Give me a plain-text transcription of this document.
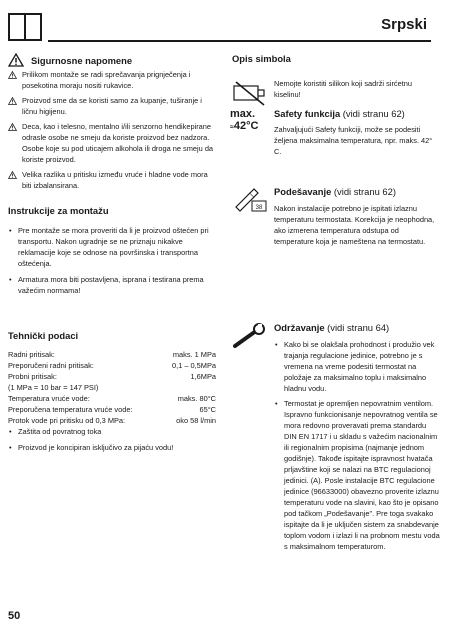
Srpski
Sigurnosne napomene
Prilikom montaže se radi sprečavanja prignječenja i posekotina moraju nositi rukavice.
Proizvod sme da se koristi samo za kupanje, tuširanje i ličnu higijenu.
Deca, kao i telesno, mentalno i/ili senzorno hendikepirane odrasle osobe ne smeju da koriste proizvod bez nadzora. Osobe koje su pod uticajem alkohola ili droga ne smeju da koriste proizvod.
Velika razlika u pritisku između vruće i hladne vode mora biti izbalansirana.
Instrukcije za montažu
• Pre montaže se mora proveriti da li je proizvod oštećen pri transportu. Nakon ugradnje se ne priznaju nikakve reklamacije koje se odnose na površinska i transportna oštećenja.
• Armatura mora biti postavljena, isprana i testirana prema važećim normama!
Tehnički podaci
Radni pritisak:	maks. 1 MPa
Preporučeni radni pritisak:	0,1 – 0,5MPa
Probni pritisak:	1,6MPa
(1 MPa = 10 bar = 147 PSI)
Temperatura vruće vode:	maks. 80°C
Preporučena temperatura vruće vode:	65°C
Protok vode pri pritisku od 0,3 MPa:	oko 58 l/min
• Zaštita od povratnog toka
• Proizvod je koncipiran isključivo za pijaću vodu!
Opis simbola
Nemojte koristiti silikon koji sadrži sirćetnu kiselinu!
max.
≈42°C
Safety funkcija (vidi stranu 62)
Zahvaljujući Safety funkciji, može se podesiti željena maksimalna temperatura, npr. maks. 42° C.
38
Podešavanje (vidi stranu 62)
Nakon instalacije potrebno je ispitati izlaznu temperaturu termostata. Korekcija je neophodna, ako izmerena temperatura odstupa od temperature koja je namеštena na termostatu.
Održavanje (vidi stranu 64)
• Kako bi se olakšala prohodnost i produžio vek trajanja regulacione jedinice, potrebno je s vremena na vreme podesiti termostat na položaje za maksimalno toplu i maksimalno hladnu vodu.
• Termostat je opremljen nepovratnim ventilom. Ispravno funkcionisanje nepovratnog ventila se mora redovno proveravati prema standardu DIN EN 1717 i u skladu s važećim nacionalnim ili regionalnim propisima (najmanje jednom godišnje). Takođe ispitajte ispravnost hvatača prljavštine koji se nalazi na BTC regulacionoj jedinici. (A). Posle instalacije BTC regulacione jedinice (96633000) obavezno proverite izlaznu temperaturu vode na slavini, kao što je opisano pod tačkom „Podešavanje". Pre toga svakako ispitajte da li je uključen sistem za snabdevanje toplom vodom i izlazi li na probnom mestu voda s maksimalnom temperaturom.
50
